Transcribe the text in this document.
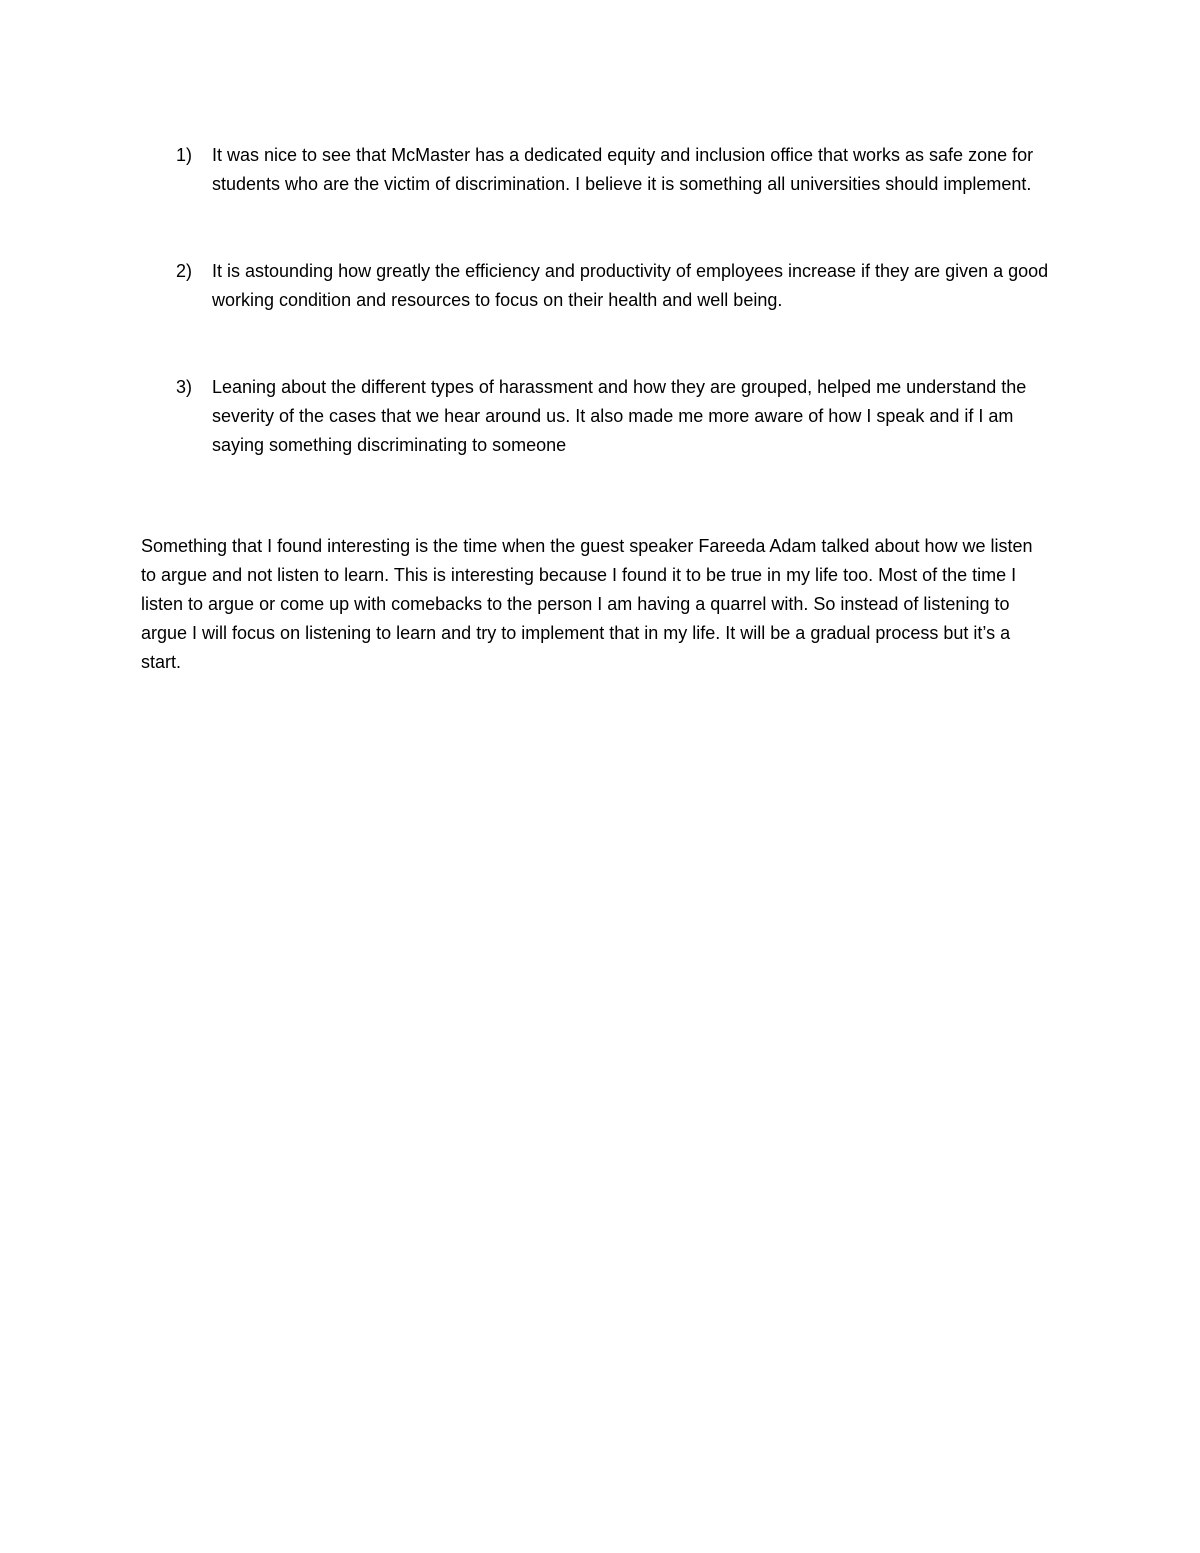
1)	It was nice to see that McMaster has a dedicated equity and inclusion office that works as safe zone for students who are the victim of discrimination. I believe it is something all universities should implement.

2)	It is astounding how greatly the efficiency and productivity of employees increase if they are given a good working condition and resources to focus on their health and well being.

3)	Leaning about the different types of harassment and how they are grouped, helped me understand the severity of the cases that we hear around us. It also made me more aware of how I speak and if I am saying something discriminating to someone

Something that I found interesting is the time when the guest speaker Fareeda Adam talked about how we listen to argue and not listen to learn. This is interesting because I found it to be true in my life too. Most of the time I listen to argue or come up with comebacks to the person I am having a quarrel with. So instead of listening to argue I will focus on listening to learn and try to implement that in my life. It will be a gradual process but it’s a start.
